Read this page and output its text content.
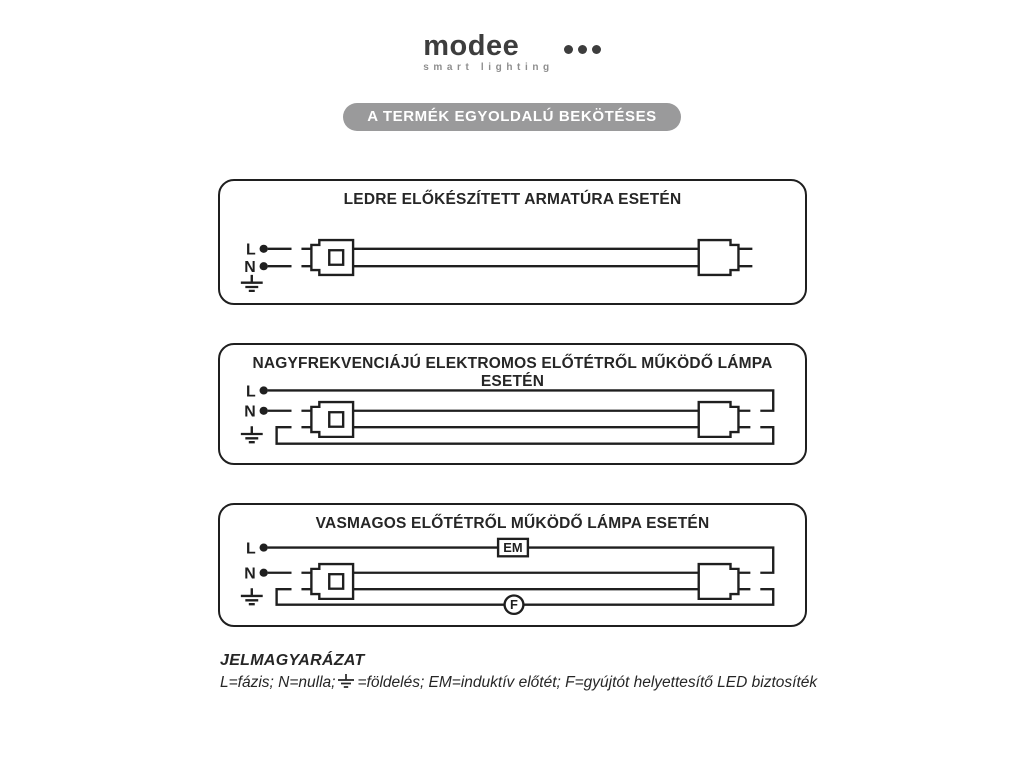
modee
smart lighting
A TERMÉK EGYOLDALÚ BEKÖTÉSES
LEDRE ELŐKÉSZÍTETT ARMATÚRA ESETÉN
L
N
NAGYFREKVENCIÁJÚ ELEKTROMOS ELŐTÉTRŐL MŰKÖDŐ LÁMPA ESETÉN
L
N
VASMAGOS ELŐTÉTRŐL MŰKÖDŐ LÁMPA ESETÉN
L	EM
N
F
JELMAGYARÁZAT
L=fázis; N=nulla; =földelés; EM=induktív előtét; F=gyújtót helyettesítő LED biztosíték
